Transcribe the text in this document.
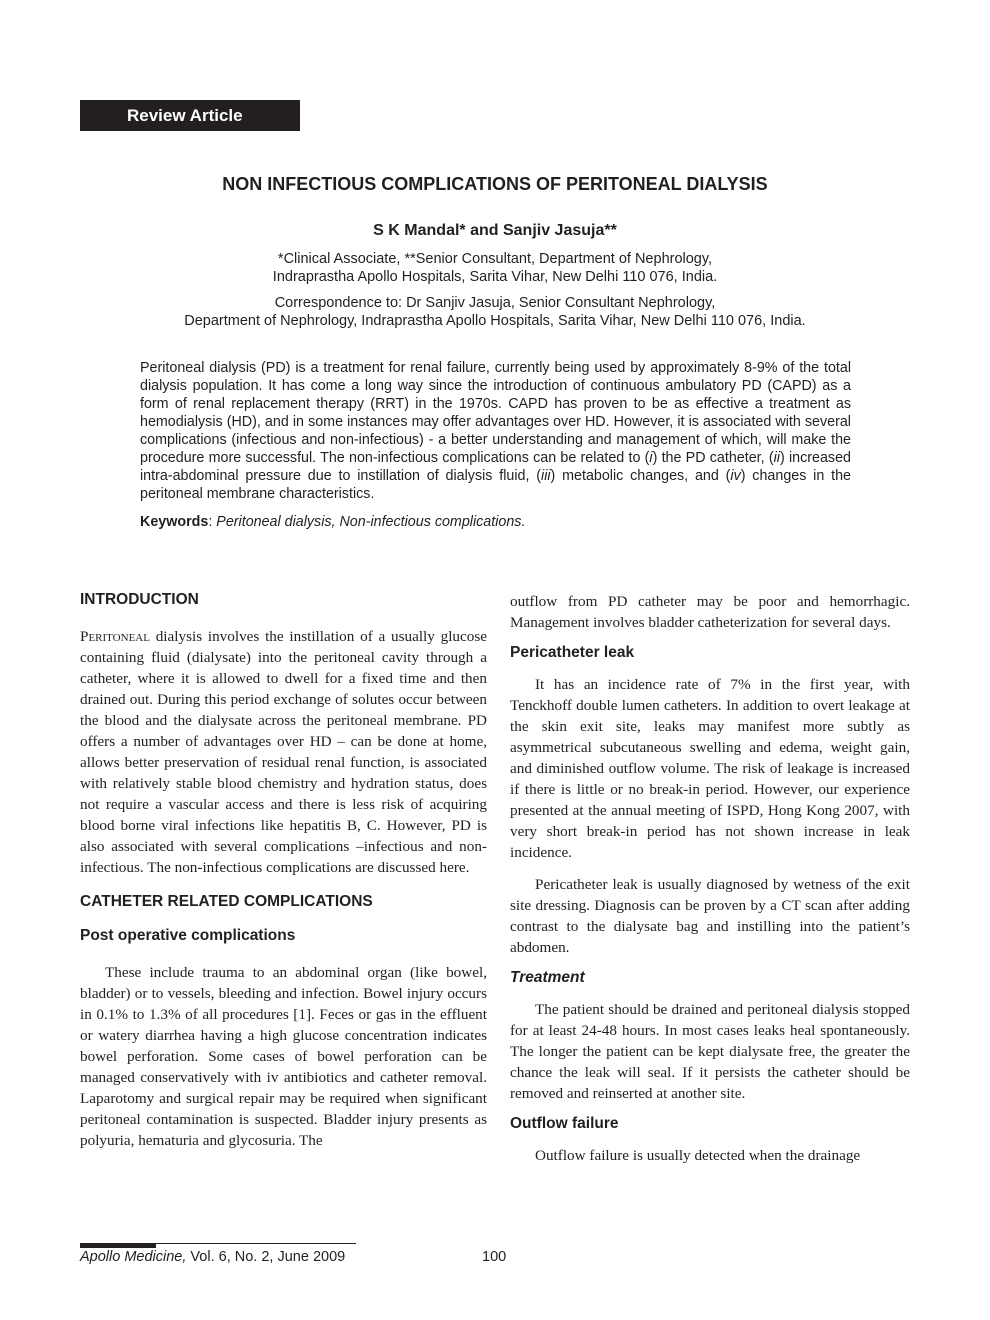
Review Article
NON INFECTIOUS COMPLICATIONS OF PERITONEAL DIALYSIS
S K Mandal* and Sanjiv Jasuja**
*Clinical Associate, **Senior Consultant, Department of Nephrology,
Indraprastha Apollo Hospitals, Sarita Vihar, New Delhi 110 076, India.
Correspondence to: Dr Sanjiv Jasuja, Senior Consultant Nephrology,
Department of Nephrology, Indraprastha Apollo Hospitals, Sarita Vihar, New Delhi 110 076, India.
Peritoneal dialysis (PD) is a treatment for renal failure, currently being used by approximately 8-9% of the total dialysis population. It has come a long way since the introduction of continuous ambulatory PD (CAPD) as a form of renal replacement therapy (RRT) in the 1970s. CAPD has proven to be as effective a treatment as hemodialysis (HD), and in some instances may offer advantages over HD. However, it is associated with several complications (infectious and non-infectious) - a better understanding and management of which, will make the procedure more successful. The non-infectious complications can be related to (i) the PD catheter, (ii) increased intra-abdominal pressure due to instillation of dialysis fluid, (iii) metabolic changes, and (iv) changes in the peritoneal membrane characteristics.
Keywords: Peritoneal dialysis, Non-infectious complications.

INTRODUCTION

Peritoneal dialysis involves the instillation of a usually glucose containing fluid (dialysate) into the peritoneal cavity through a catheter, where it is allowed to dwell for a fixed time and then drained out. During this period exchange of solutes occur between the blood and the dialysate across the peritoneal membrane. PD offers a number of advantages over HD – can be done at home, allows better preservation of residual renal function, is associated with relatively stable blood chemistry and hydration status, does not require a vascular access and there is less risk of acquiring blood borne viral infections like hepatitis B, C. However, PD is also associated with several complications –infectious and non-infectious. The non-infectious complications are discussed here.

CATHETER RELATED COMPLICATIONS

Post operative complications

These include trauma to an abdominal organ (like bowel, bladder) or to vessels, bleeding and infection. Bowel injury occurs in 0.1% to 1.3% of all procedures [1]. Feces or gas in the effluent or watery diarrhea having a high glucose concentration indicates bowel perforation. Some cases of bowel perforation can be managed conservatively with iv antibiotics and catheter removal. Laparotomy and surgical repair may be required when significant peritoneal contamination is suspected. Bladder injury presents as polyuria, hematuria and glycosuria. The

outflow from PD catheter may be poor and hemorrhagic. Management involves bladder catheterization for several days.

Pericatheter leak

It has an incidence rate of 7% in the first year, with Tenckhoff double lumen catheters. In addition to overt leakage at the skin exit site, leaks may manifest more subtly as asymmetrical subcutaneous swelling and edema, weight gain, and diminished outflow volume. The risk of leakage is increased if there is little or no break-in period. However, our experience presented at the annual meeting of ISPD, Hong Kong 2007, with very short break-in period has not shown increase in leak incidence.

Pericatheter leak is usually diagnosed by wetness of the exit site dressing. Diagnosis can be proven by a CT scan after adding contrast to the dialysate bag and instilling into the patient’s abdomen.

Treatment

The patient should be drained and peritoneal dialysis stopped for at least 24-48 hours. In most cases leaks heal spontaneously. The longer the patient can be kept dialysate free, the greater the chance the leak will seal. If it persists the catheter should be removed and reinserted at another site.

Outflow failure

Outflow failure is usually detected when the drainage

Apollo Medicine, Vol. 6, No. 2, June 2009	100
